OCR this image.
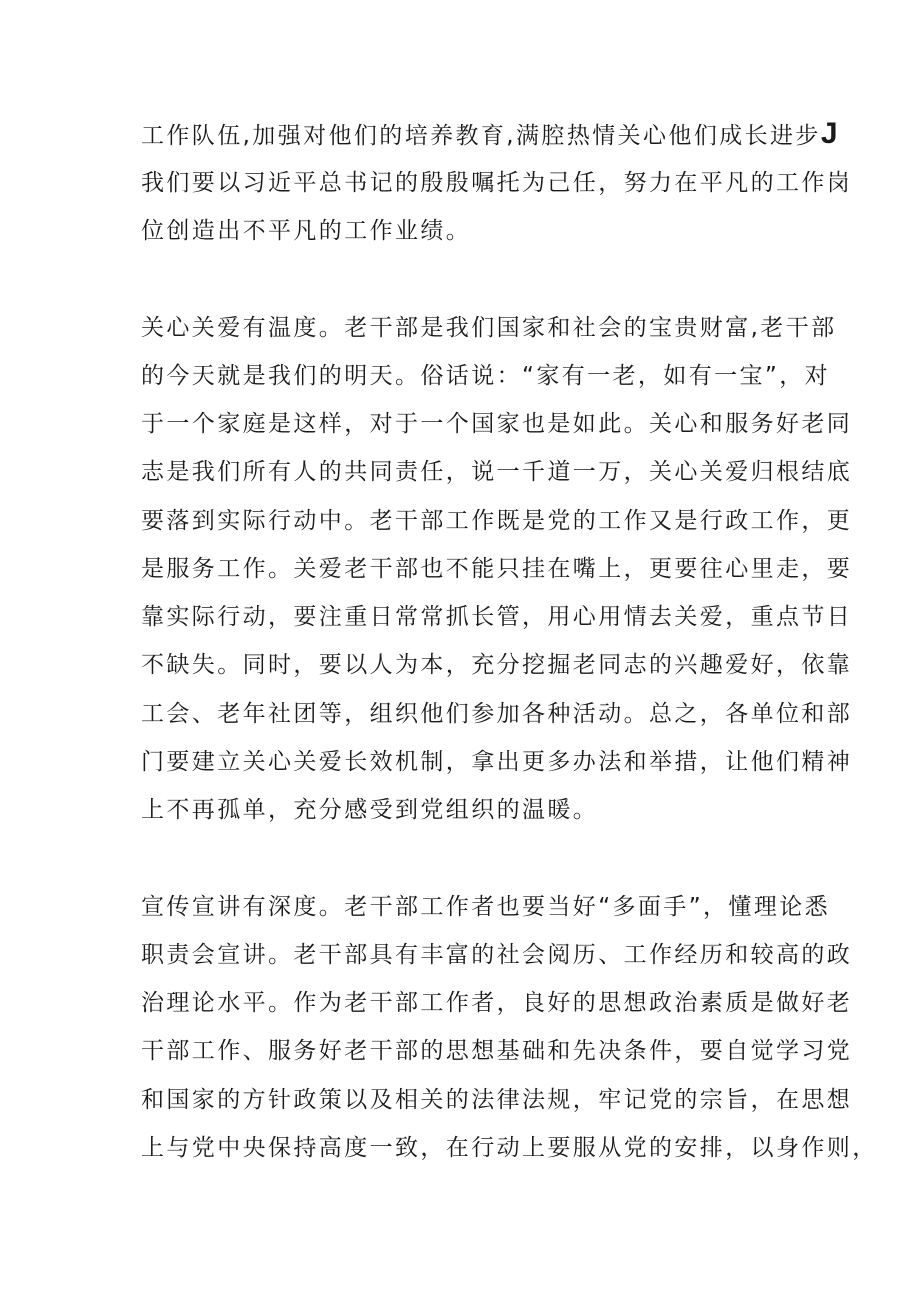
工作队伍,加强对他们的培养教育,满腔热情关心他们成长进步J
我们要以习近平总书记的殷殷嘱托为己任，努力在平凡的工作岗
位创造出不平凡的工作业绩。
关心关爱有温度。老干部是我们国家和社会的宝贵财富,老干部
的今天就是我们的明天。俗话说：“家有一老，如有一宝”，对
于一个家庭是这样，对于一个国家也是如此。关心和服务好老同
志是我们所有人的共同责任，说一千道一万，关心关爱归根结底
要落到实际行动中。老干部工作既是党的工作又是行政工作，更
是服务工作。关爱老干部也不能只挂在嘴上，更要往心里走，要
靠实际行动，要注重日常常抓长管，用心用情去关爱，重点节日
不缺失。同时，要以人为本，充分挖掘老同志的兴趣爱好，依靠
工会、老年社团等，组织他们参加各种活动。总之，各单位和部
门要建立关心关爱长效机制，拿出更多办法和举措，让他们精神
上不再孤单，充分感受到党组织的温暖。
宣传宣讲有深度。老干部工作者也要当好“多面手”，懂理论悉
职责会宣讲。老干部具有丰富的社会阅历、工作经历和较高的政
治理论水平。作为老干部工作者，良好的思想政治素质是做好老
干部工作、服务好老干部的思想基础和先决条件，要自觉学习党
和国家的方针政策以及相关的法律法规，牢记党的宗旨，在思想
上与党中央保持高度一致，在行动上要服从党的安排，以身作则，
